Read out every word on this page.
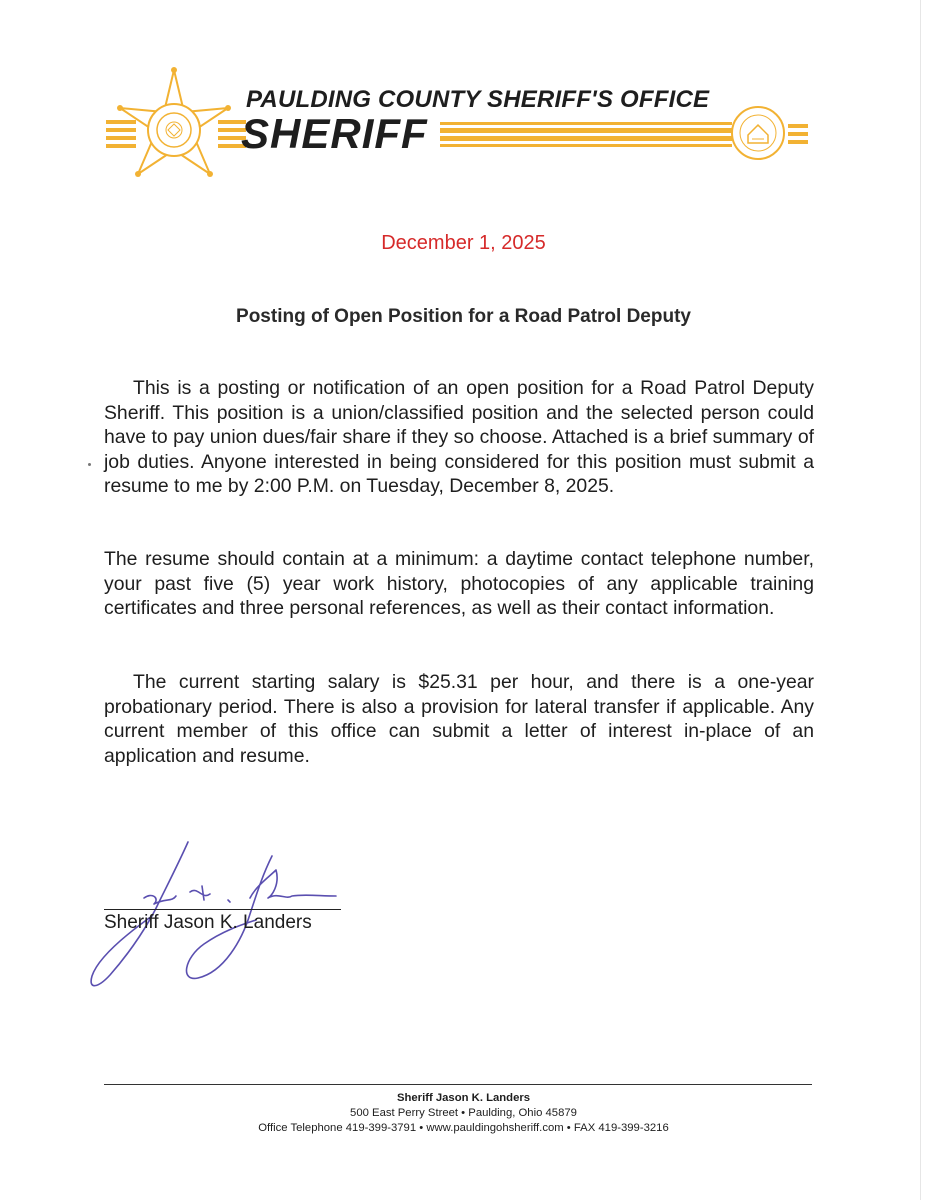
PAULDING COUNTY SHERIFF'S OFFICE
SHERIFF
December 1, 2025
Posting of Open Position for a Road Patrol Deputy

This is a posting or notification of an open position for a Road Patrol Deputy Sheriff. This position is a union/classified position and the selected person could have to pay union dues/fair share if they so choose. Attached is a brief summary of job duties. Anyone interested in being considered for this position must submit a resume to me by 2:00 P.M. on Tuesday, December 8, 2025.

The resume should contain at a minimum: a daytime contact telephone number, your past five (5) year work history, photocopies of any applicable training certificates and three personal references, as well as their contact information.

The current starting salary is $25.31 per hour, and there is a one-year probationary period. There is also a provision for lateral transfer if applicable. Any current member of this office can submit a letter of interest in-place of an application and resume.

Sheriff Jason K. Landers
Sheriff Jason K. Landers
500 East Perry Street • Paulding, Ohio 45879
Office Telephone 419-399-3791 • www.pauldingohsheriff.com • FAX 419-399-3216
